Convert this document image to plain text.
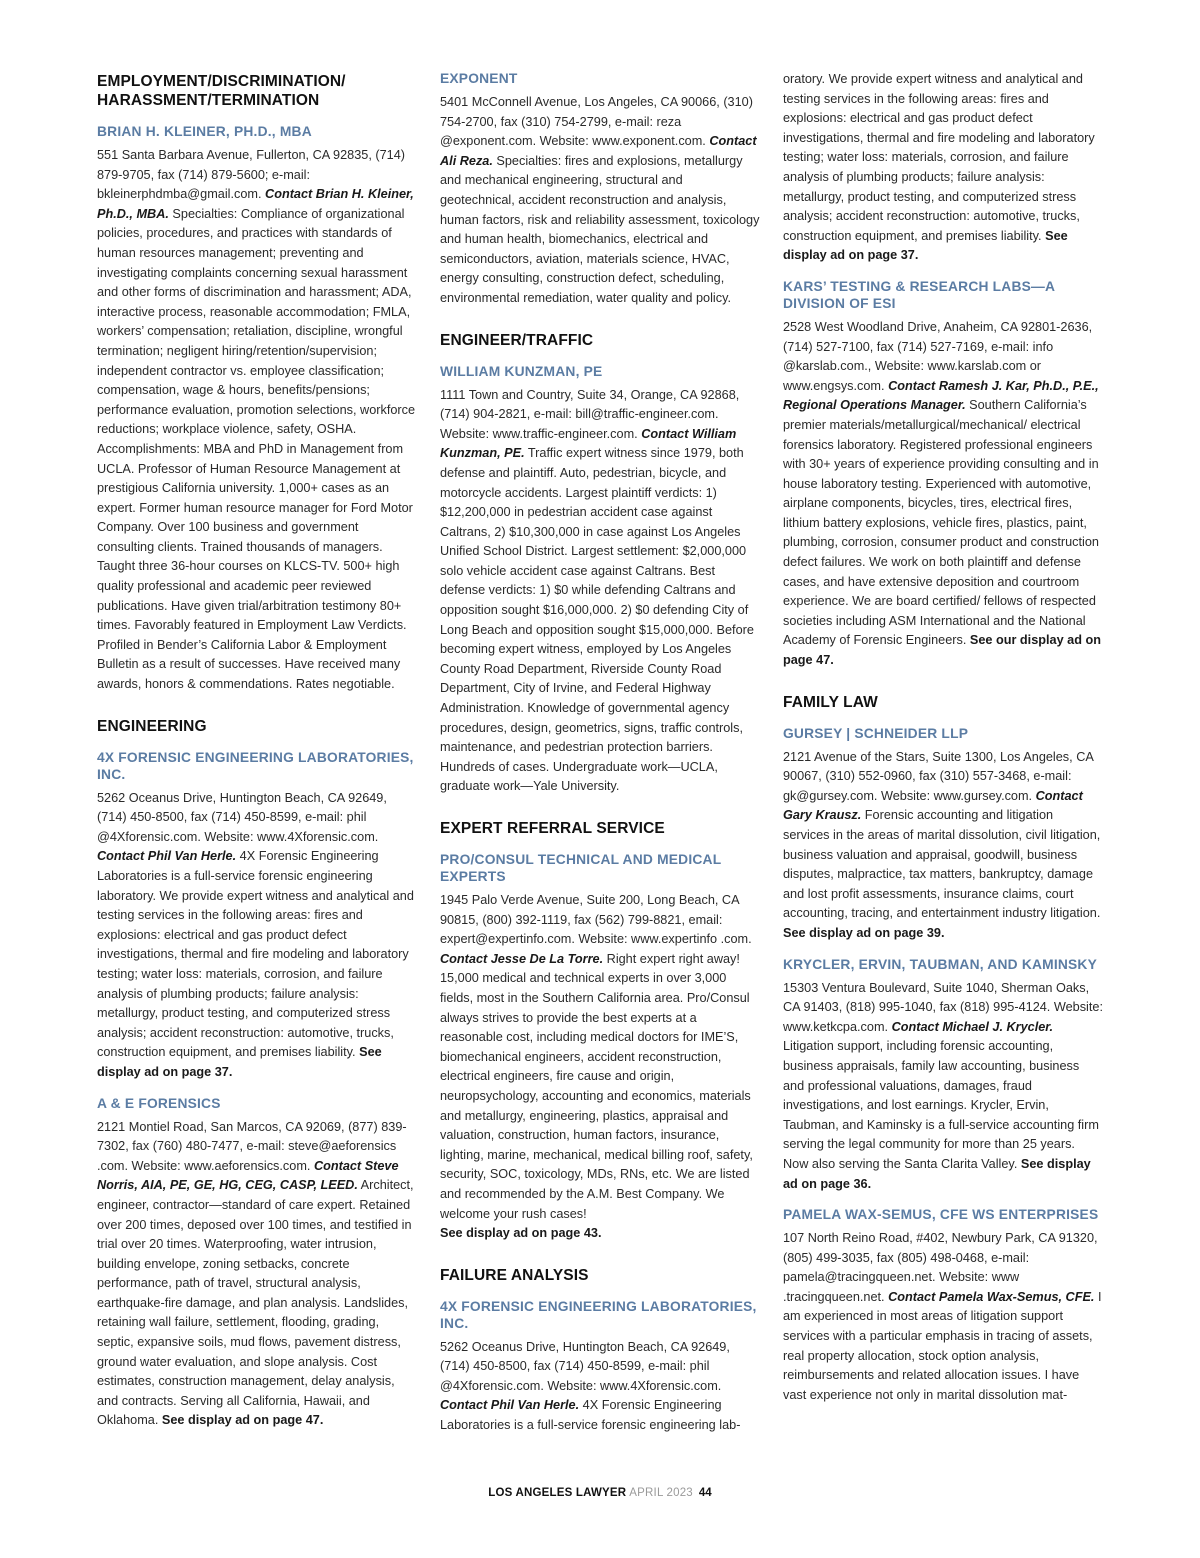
EMPLOYMENT/DISCRIMINATION/ HARASSMENT/TERMINATION
BRIAN H. KLEINER, PH.D., MBA

551 Santa Barbara Avenue, Fullerton, CA 92835, (714) 879-9705, fax (714) 879-5600; e-mail: bkleinerphdmba@gmail.com. Contact Brian H. Kleiner, Ph.D., MBA. Specialties: Compliance of organizational policies, procedures, and practices with standards of human resources management; preventing and investigating complaints concerning sexual harassment and other forms of discrimination and harassment; ADA, interactive process, reasonable accommodation; FMLA, workers’ compensation; retaliation, discipline, wrongful termination; negligent hiring/retention/supervision; independent contractor vs. employee classification; compensation, wage & hours, benefits/pensions; performance evaluation, promotion selections, workforce reductions; workplace violence, safety, OSHA. Accomplishments: MBA and PhD in Management from UCLA. Professor of Human Resource Management at prestigious California university. 1,000+ cases as an expert. Former human resource manager for Ford Motor Company. Over 100 business and government consulting clients. Trained thousands of managers. Taught three 36-hour courses on KLCS-TV. 500+ high quality professional and academic peer reviewed publications. Have given trial/arbitration testimony 80+ times. Favorably featured in Employment Law Verdicts. Profiled in Bender’s California Labor & Employment Bulletin as a result of successes. Have received many awards, honors & commendations. Rates negotiable.

ENGINEERING
4X FORENSIC ENGINEERING LABORATORIES, INC.

5262 Oceanus Drive, Huntington Beach, CA 92649, (714) 450-8500, fax (714) 450-8599, e-mail: phil @4Xforensic.com. Website: www.4Xforensic.com. Contact Phil Van Herle. 4X Forensic Engineering Laboratories is a full-service forensic engineering laboratory. We provide expert witness and analytical and testing services in the following areas: fires and explosions: electrical and gas product defect investigations, thermal and fire modeling and laboratory testing; water loss: materials, corrosion, and failure analysis of plumbing products; failure analysis: metallurgy, product testing, and computerized stress analysis; accident reconstruction: automotive, trucks, construction equipment, and premises liability. See display ad on page 37.

A & E FORENSICS

2121 Montiel Road, San Marcos, CA 92069, (877) 839-7302, fax (760) 480-7477, e-mail: steve@aeforensics .com. Website: www.aeforensics.com. Contact Steve Norris, AIA, PE, GE, HG, CEG, CASP, LEED. Architect, engineer, contractor—standard of care expert. Retained over 200 times, deposed over 100 times, and testified in trial over 20 times. Waterproofing, water intrusion, building envelope, zoning setbacks, concrete performance, path of travel, structural analysis, earthquake-fire damage, and plan analysis. Landslides, retaining wall failure, settlement, flooding, grading, septic, expansive soils, mud flows, pavement distress, ground water evaluation, and slope analysis. Cost estimates, construction management, delay analysis, and contracts. Serving all California, Hawaii, and Oklahoma. See display ad on page 47.

EXPONENT

5401 McConnell Avenue, Los Angeles, CA 90066, (310) 754-2700, fax (310) 754-2799, e-mail: reza @exponent.com. Website: www.exponent.com. Contact Ali Reza. Specialties: fires and explosions, metallurgy and mechanical engineering, structural and geotechnical, accident reconstruction and analysis, human factors, risk and reliability assessment, toxicology and human health, biomechanics, electrical and semiconductors, aviation, materials science, HVAC, energy consulting, construction defect, scheduling, environmental remediation, water quality and policy.

ENGINEER/TRAFFIC
WILLIAM KUNZMAN, PE

1111 Town and Country, Suite 34, Orange, CA 92868, (714) 904-2821, e-mail: bill@traffic-engineer.com. Website: www.traffic-engineer.com. Contact William Kunzman, PE. Traffic expert witness since 1979, both defense and plaintiff. Auto, pedestrian, bicycle, and motorcycle accidents. Largest plaintiff verdicts: 1) $12,200,000 in pedestrian accident case against Caltrans, 2) $10,300,000 in case against Los Angeles Unified School District. Largest settlement: $2,000,000 solo vehicle accident case against Caltrans. Best defense verdicts: 1) $0 while defending Caltrans and opposition sought $16,000,000. 2) $0 defending City of Long Beach and opposition sought $15,000,000. Before becoming expert witness, employed by Los Angeles County Road Department, Riverside County Road Department, City of Irvine, and Federal Highway Administration. Knowledge of governmental agency procedures, design, geometrics, signs, traffic controls, maintenance, and pedestrian protection barriers. Hundreds of cases. Undergraduate work—UCLA, graduate work—Yale University.

EXPERT REFERRAL SERVICE
PRO/CONSUL TECHNICAL AND MEDICAL EXPERTS

1945 Palo Verde Avenue, Suite 200, Long Beach, CA 90815, (800) 392-1119, fax (562) 799-8821, email: expert@expertinfo.com. Website: www.expertinfo .com. Contact Jesse De La Torre. Right expert right away! 15,000 medical and technical experts in over 3,000 fields, most in the Southern California area. Pro/Consul always strives to provide the best experts at a reasonable cost, including medical doctors for IME’S, biomechanical engineers, accident reconstruction, electrical engineers, fire cause and origin, neuropsychology, accounting and economics, materials and metallurgy, engineering, plastics, appraisal and valuation, construction, human factors, insurance, lighting, marine, mechanical, medical billing roof, safety, security, SOC, toxicology, MDs, RNs, etc. We are listed and recommended by the A.M. Best Company. We welcome your rush cases!
See display ad on page 43.

FAILURE ANALYSIS
4X FORENSIC ENGINEERING LABORATORIES, INC.

5262 Oceanus Drive, Huntington Beach, CA 92649, (714) 450-8500, fax (714) 450-8599, e-mail: phil @4Xforensic.com. Website: www.4Xforensic.com. Contact Phil Van Herle. 4X Forensic Engineering Laboratories is a full-service forensic engineering lab-

oratory. We provide expert witness and analytical and testing services in the following areas: fires and explosions: electrical and gas product defect investigations, thermal and fire modeling and laboratory testing; water loss: materials, corrosion, and failure analysis of plumbing products; failure analysis: metallurgy, product testing, and computerized stress analysis; accident reconstruction: automotive, trucks, construction equipment, and premises liability. See display ad on page 37.

KARS’ TESTING & RESEARCH LABS—A DIVISION OF ESI

2528 West Woodland Drive, Anaheim, CA 92801-2636, (714) 527-7100, fax (714) 527-7169, e-mail: info @karslab.com., Website: www.karslab.com or www.engsys.com. Contact Ramesh J. Kar, Ph.D., P.E., Regional Operations Manager. Southern California’s premier materials/metallurgical/mechanical/ electrical forensics laboratory. Registered professional engineers with 30+ years of experience providing consulting and in house laboratory testing. Experienced with automotive, airplane components, bicycles, tires, electrical fires, lithium battery explosions, vehicle fires, plastics, paint, plumbing, corrosion, consumer product and construction defect failures. We work on both plaintiff and defense cases, and have extensive deposition and courtroom experience. We are board certified/ fellows of respected societies including ASM International and the National Academy of Forensic Engineers. See our display ad on page 47.

FAMILY LAW
GURSEY | SCHNEIDER LLP

2121 Avenue of the Stars, Suite 1300, Los Angeles, CA 90067, (310) 552-0960, fax (310) 557-3468, e-mail: gk@gursey.com. Website: www.gursey.com. Contact Gary Krausz. Forensic accounting and litigation services in the areas of marital dissolution, civil litigation, business valuation and appraisal, goodwill, business disputes, malpractice, tax matters, bankruptcy, damage and lost profit assessments, insurance claims, court accounting, tracing, and entertainment industry litigation. See display ad on page 39.

KRYCLER, ERVIN, TAUBMAN, AND KAMINSKY

15303 Ventura Boulevard, Suite 1040, Sherman Oaks, CA 91403, (818) 995-1040, fax (818) 995-4124. Website: www.ketkcpa.com. Contact Michael J. Krycler. Litigation support, including forensic accounting, business appraisals, family law accounting, business and professional valuations, damages, fraud investigations, and lost earnings. Krycler, Ervin, Taubman, and Kaminsky is a full-service accounting firm serving the legal community for more than 25 years. Now also serving the Santa Clarita Valley. See display ad on page 36.

PAMELA WAX-SEMUS, CFE WS ENTERPRISES

107 North Reino Road, #402, Newbury Park, CA 91320, (805) 499-3035, fax (805) 498-0468, e-mail: pamela@tracingqueen.net. Website: www .tracingqueen.net. Contact Pamela Wax-Semus, CFE. I am experienced in most areas of litigation support services with a particular emphasis in tracing of assets, real property allocation, stock option analysis, reimbursements and related allocation issues. I have vast experience not only in marital dissolution mat-

LOS ANGELES LAWYER APRIL 2023 44
